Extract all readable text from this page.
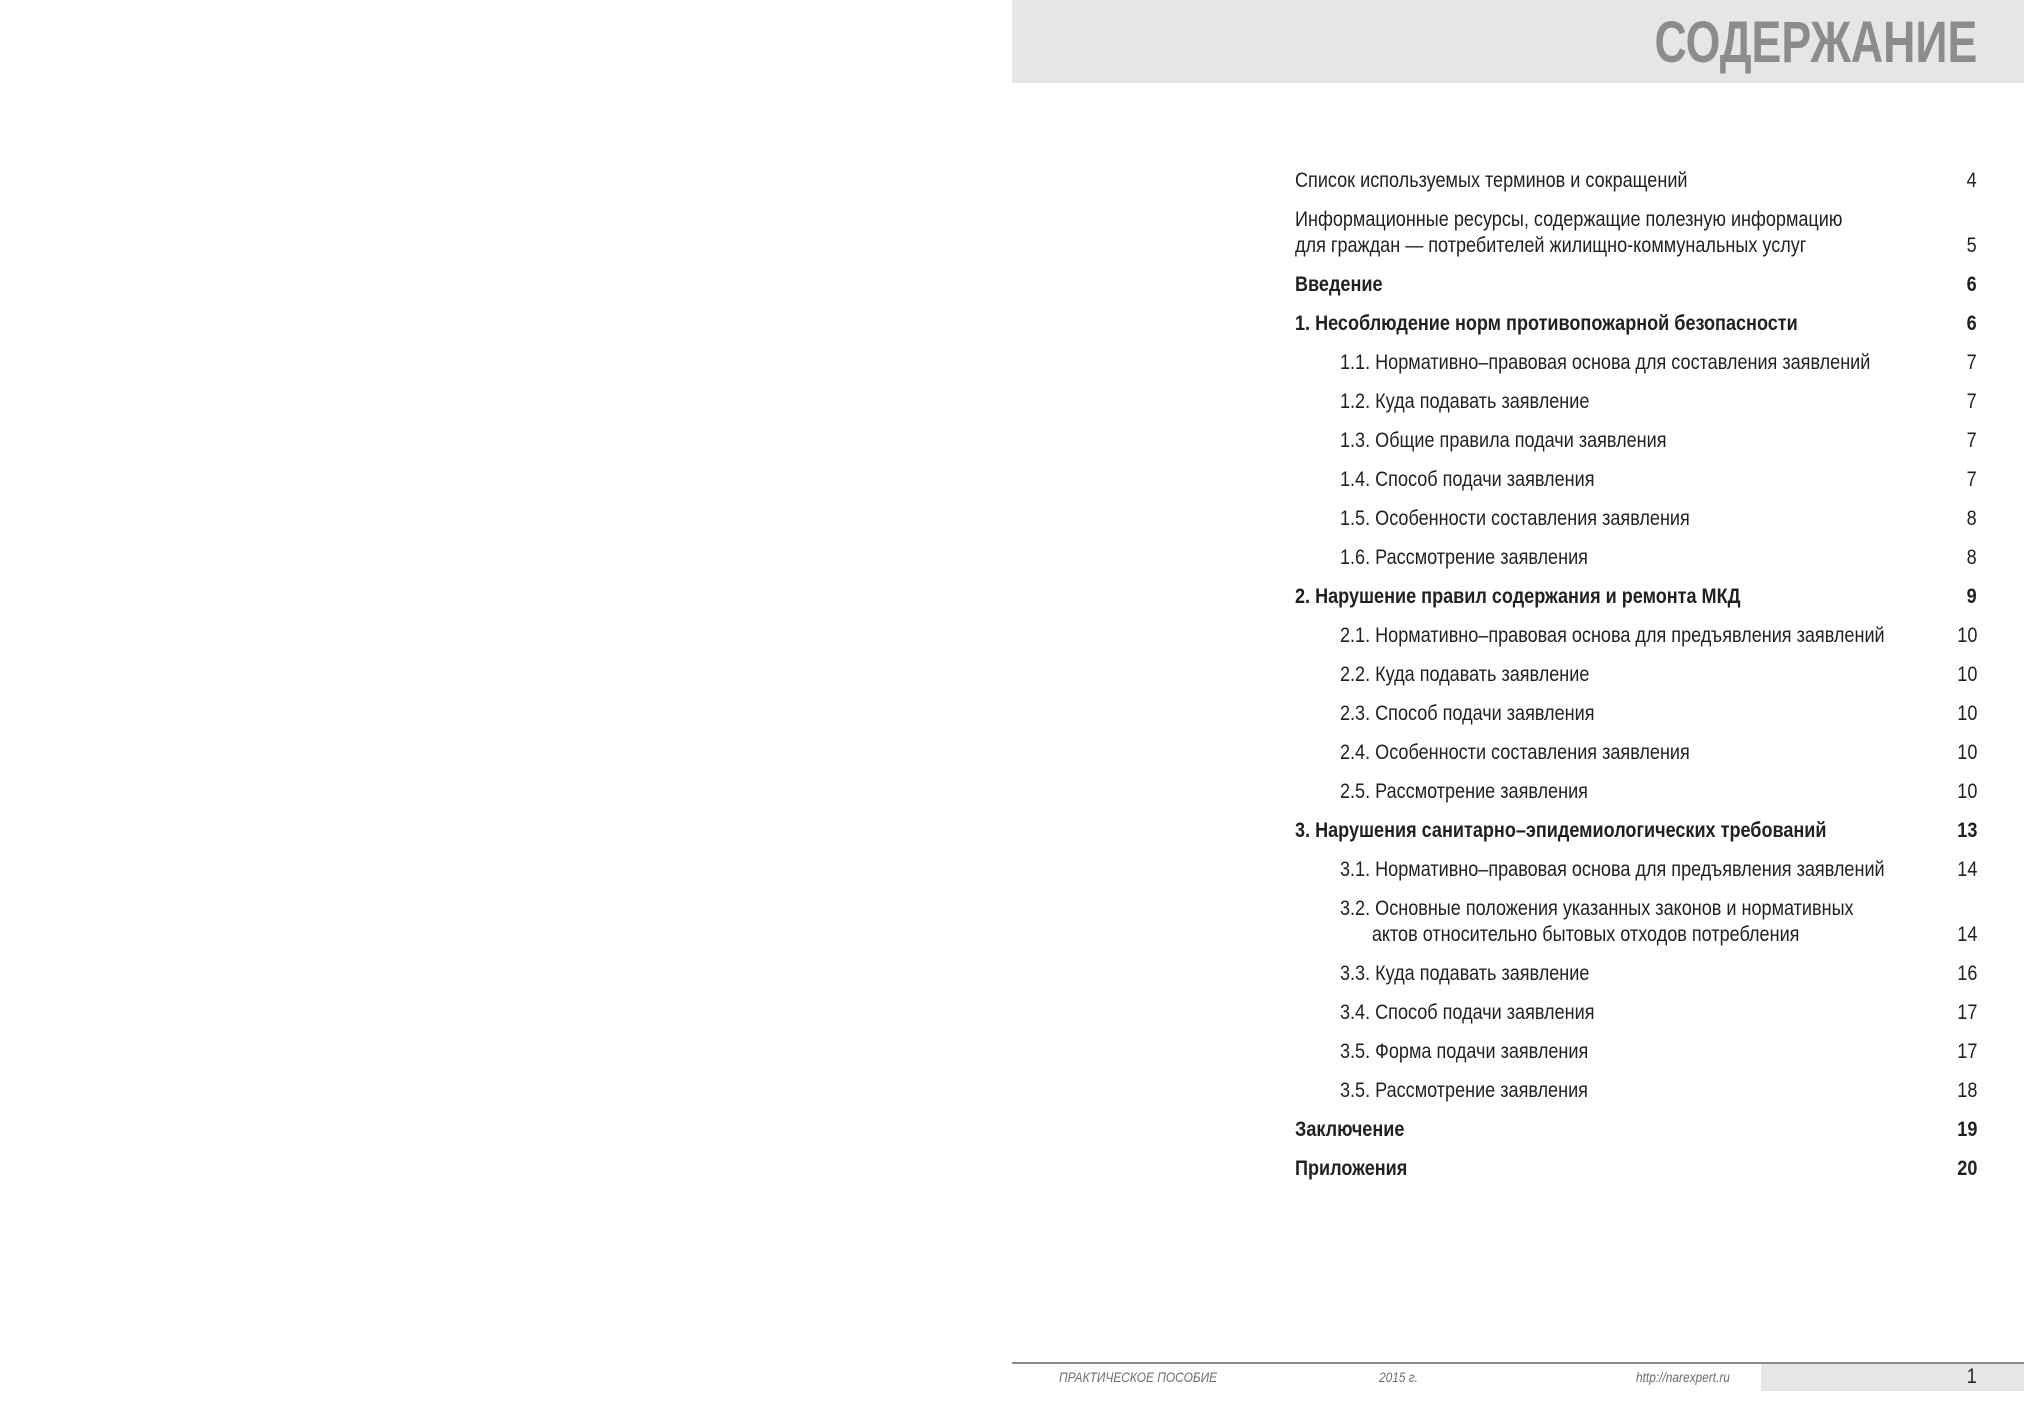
СОДЕРЖАНИЕ
Список используемых терминов и сокращений	4
Информационные ресурсы, содержащие полезную информацию
для граждан — потребителей жилищно-коммунальных услуг	5
Введение	6
1. Несоблюдение норм противопожарной безопасности	6
1.1. Нормативно–правовая основа для составления заявлений	7
1.2. Куда подавать заявление	7
1.3. Общие правила подачи заявления	7
1.4. Способ подачи заявления	7
1.5. Особенности составления заявления	8
1.6. Рассмотрение заявления	8
2. Нарушение правил содержания и ремонта МКД	9
2.1. Нормативно–правовая основа для предъявления заявлений	10
2.2. Куда подавать заявление	10
2.3. Способ подачи заявления	10
2.4. Особенности составления заявления	10
2.5. Рассмотрение заявления	10
3. Нарушения санитарно–эпидемиологических требований	13
3.1. Нормативно–правовая основа для предъявления заявлений	14
3.2. Основные положения указанных законов и нормативных
актов относительно бытовых отходов потребления	14
3.3. Куда подавать заявление	16
3.4. Способ подачи заявления	17
3.5. Форма подачи заявления	17
3.5. Рассмотрение заявления	18
Заключение	19
Приложения	20
ПРАКТИЧЕСКОЕ ПОСОБИЕ	2015 г.	http://narexpert.ru	1
